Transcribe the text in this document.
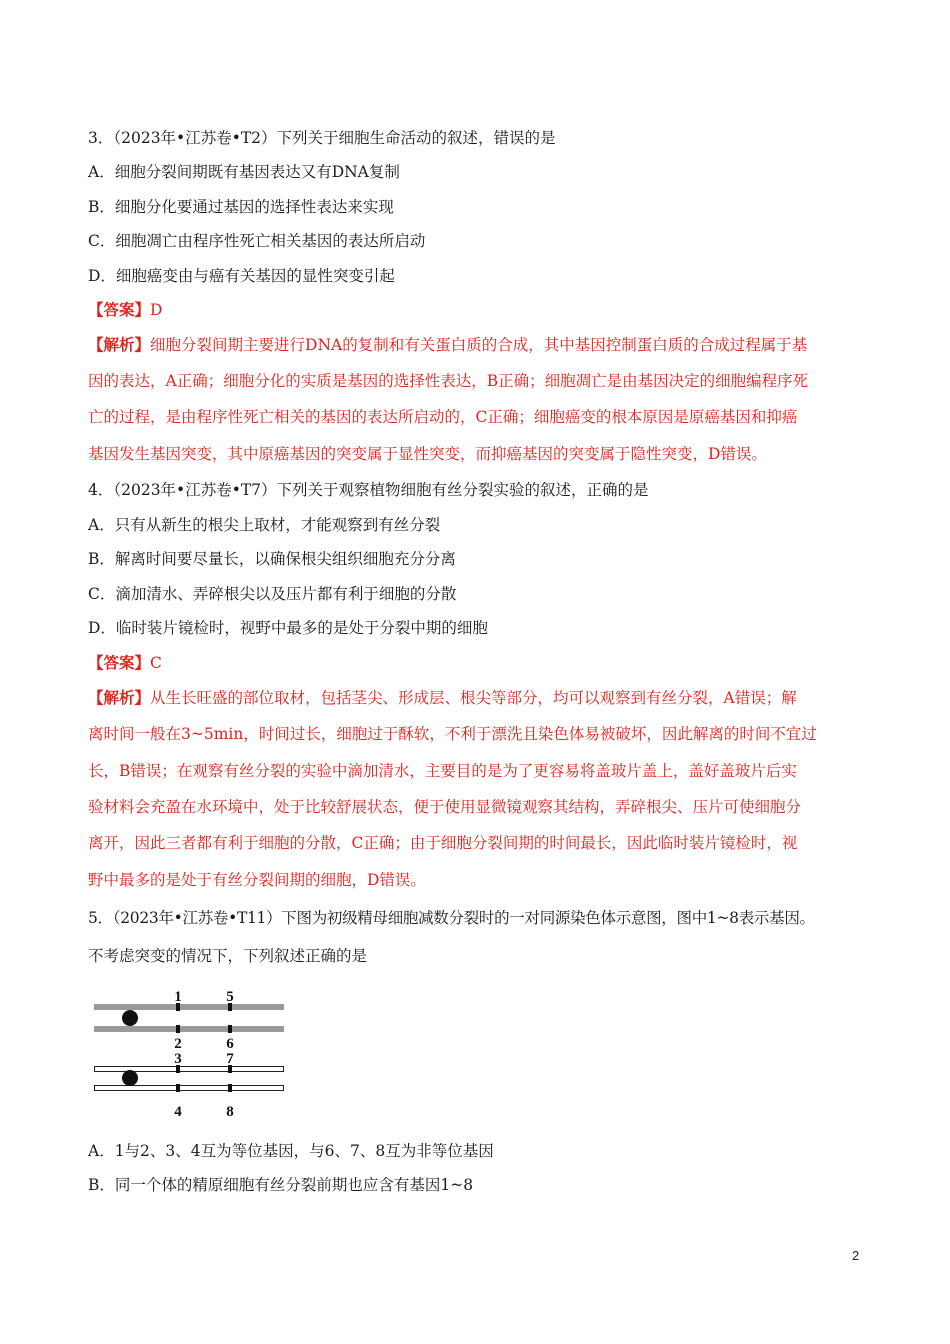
3．（2023年•江苏卷•T2）下列关于细胞生命活动的叙述，错误的是
A．细胞分裂间期既有基因表达又有DNA复制
B．细胞分化要通过基因的选择性表达来实现
C．细胞凋亡由程序性死亡相关基因的表达所启动
D．细胞癌变由与癌有关基因的显性突变引起
【答案】D
【解析】细胞分裂间期主要进行DNA的复制和有关蛋白质的合成，其中基因控制蛋白质的合成过程属于基
因的表达，A正确；细胞分化的实质是基因的选择性表达，B正确；细胞凋亡是由基因决定的细胞编程序死
亡的过程，是由程序性死亡相关的基因的表达所启动的，C正确；细胞癌变的根本原因是原癌基因和抑癌
基因发生基因突变，其中原癌基因的突变属于显性突变，而抑癌基因的突变属于隐性突变，D错误。
4．（2023年•江苏卷•T7）下列关于观察植物细胞有丝分裂实验的叙述，正确的是
A．只有从新生的根尖上取材，才能观察到有丝分裂
B．解离时间要尽量长，以确保根尖组织细胞充分分离
C．滴加清水、弄碎根尖以及压片都有利于细胞的分散
D．临时装片镜检时，视野中最多的是处于分裂中期的细胞
【答案】C
【解析】从生长旺盛的部位取材，包括茎尖、形成层、根尖等部分，均可以观察到有丝分裂，A错误；解
离时间一般在3~5min，时间过长，细胞过于酥软，不利于漂洗且染色体易被破坏，因此解离的时间不宜过
长，B错误；在观察有丝分裂的实验中滴加清水，主要目的是为了更容易将盖玻片盖上，盖好盖玻片后实
验材料会充盈在水环境中，处于比较舒展状态，便于使用显微镜观察其结构，弄碎根尖、压片可使细胞分
离开，因此三者都有利于细胞的分散，C正确；由于细胞分裂间期的时间最长，因此临时装片镜检时，视
野中最多的是处于有丝分裂间期的细胞，D错误。
5．（2023年•江苏卷•T11）下图为初级精母细胞减数分裂时的一对同源染色体示意图，图中1~8表示基因。
不考虑突变的情况下，下列叙述正确的是
1	5
2	6
3	7
4	8
A．1与2、3、4互为等位基因，与6、7、8互为非等位基因
B．同一个体的精原细胞有丝分裂前期也应含有基因1~8
2
